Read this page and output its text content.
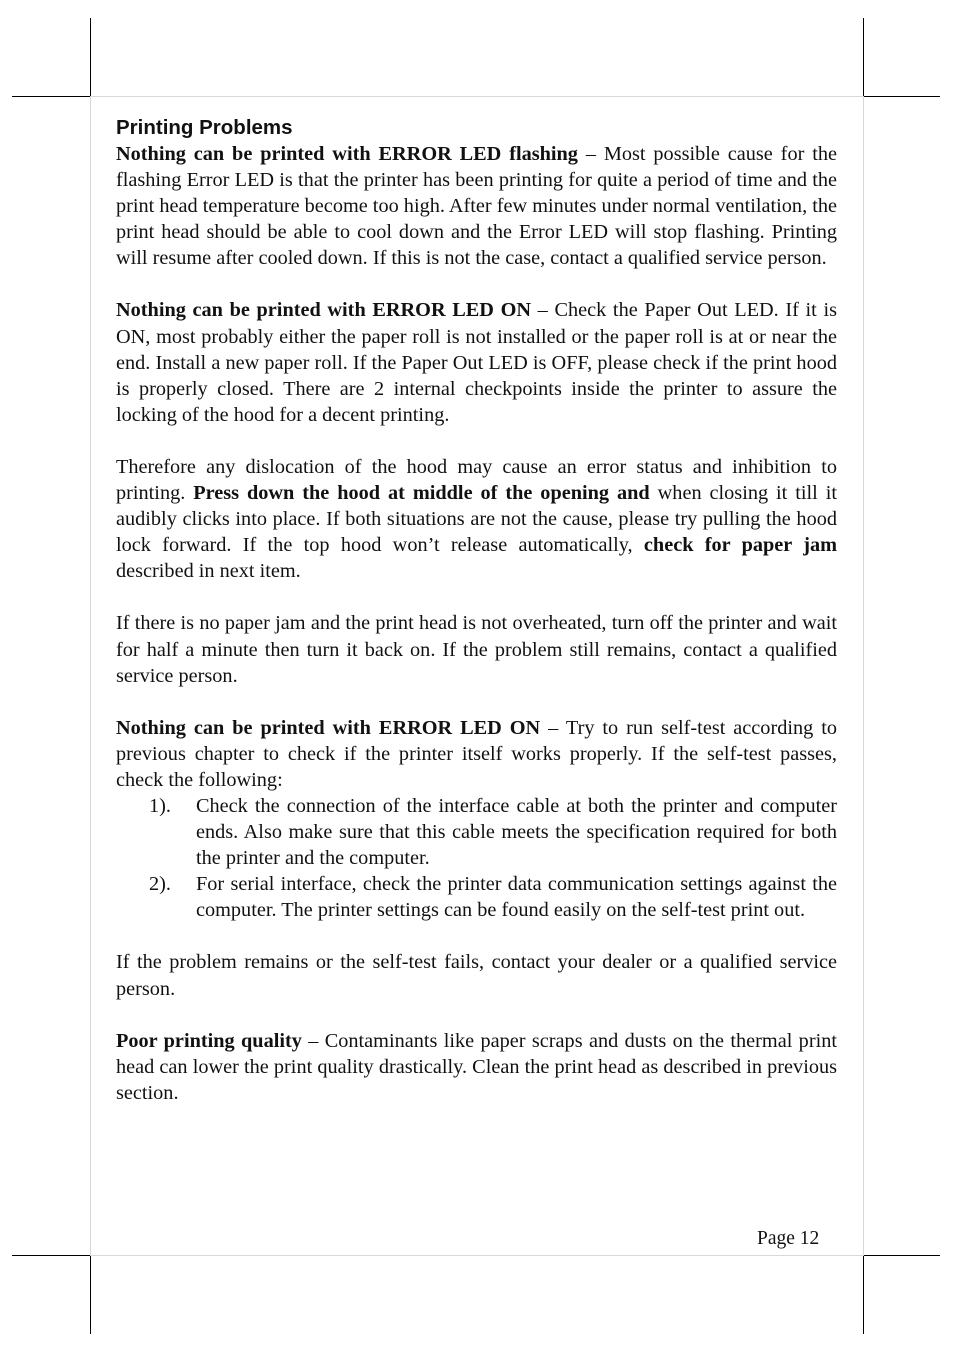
Printing Problems

Nothing can be printed with ERROR LED flashing – Most possible cause for the flashing Error LED is that the printer has been printing for quite a period of time and the print head temperature become too high. After few minutes under normal ventilation, the print head should be able to cool down and the Error LED will stop flashing. Printing will resume after cooled down. If this is not the case, contact a qualified service person.

Nothing can be printed with ERROR LED ON – Check the Paper Out LED. If it is ON, most probably either the paper roll is not installed or the paper roll is at or near the end. Install a new paper roll. If the Paper Out LED is OFF, please check if the print hood is properly closed. There are 2 internal checkpoints inside the printer to assure the locking of the hood for a decent printing.

Therefore any dislocation of the hood may cause an error status and inhibition to printing. Press down the hood at middle of the opening and when closing it till it audibly clicks into place. If both situations are not the cause, please try pulling the hood lock forward. If the top hood won’t release automatically, check for paper jam described in next item.

If there is no paper jam and the print head is not overheated, turn off the printer and wait for half a minute then turn it back on. If the problem still remains, contact a qualified service person.

Nothing can be printed with ERROR LED ON – Try to run self-test according to previous chapter to check if the printer itself works properly. If the self-test passes, check the following:

1). Check the connection of the interface cable at both the printer and computer ends. Also make sure that this cable meets the specification required for both the printer and the computer.
2). For serial interface, check the printer data communication settings against the computer. The printer settings can be found easily on the self-test print out.

If the problem remains or the self-test fails, contact your dealer or a qualified service person.

Poor printing quality – Contaminants like paper scraps and dusts on the thermal print head can lower the print quality drastically. Clean the print head as described in previous section.

Page 12
